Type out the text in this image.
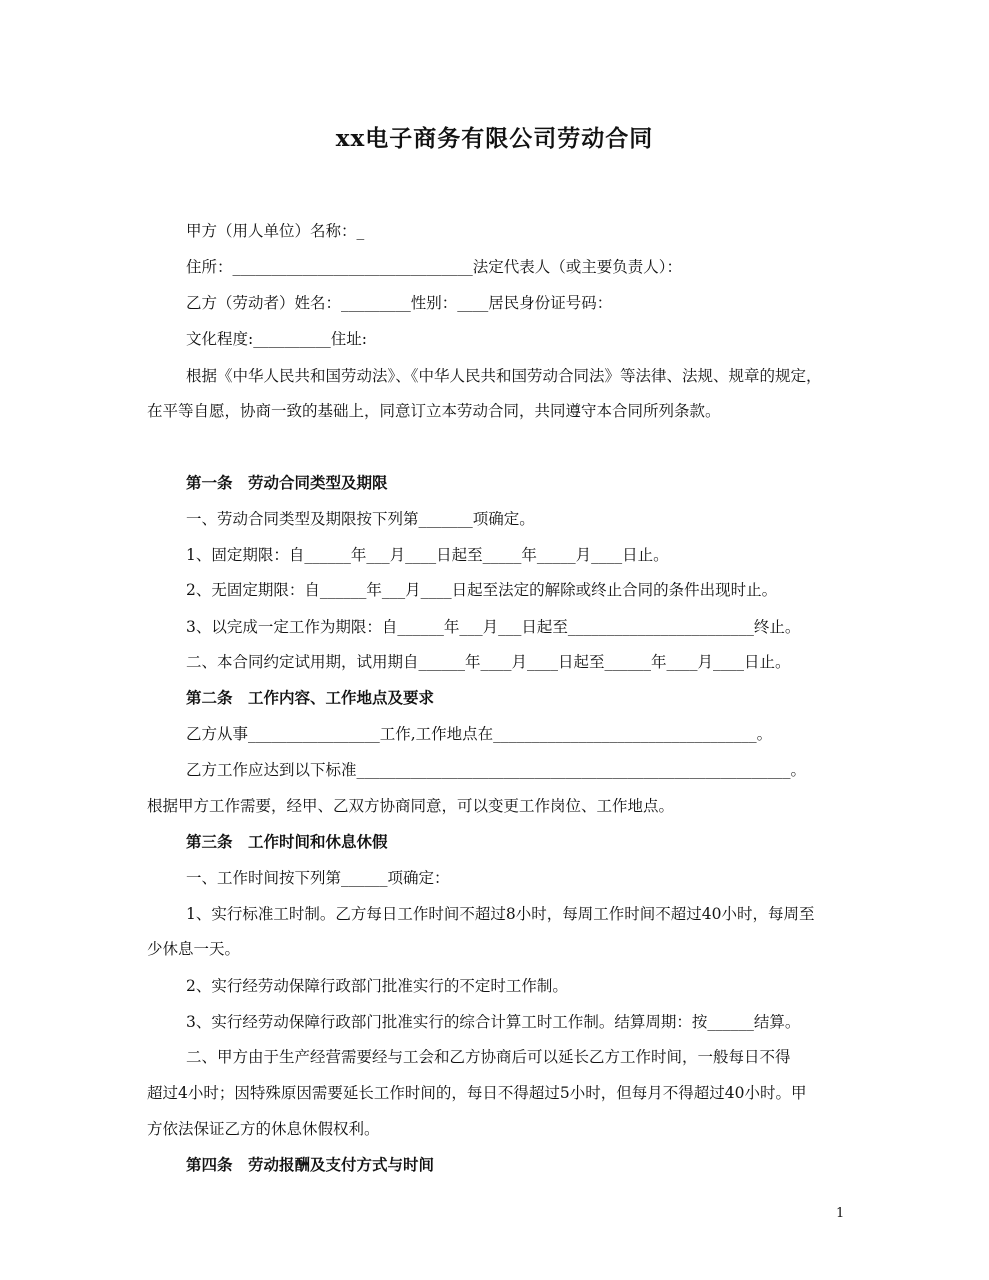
xx电子商务有限公司劳动合同
甲方（用人单位）名称：_
住所：_______________________________法定代表人（或主要负责人）：
乙方（劳动者）姓名：_________性别：____居民身份证号码：
文化程度:__________住址:
根据《中华人民共和国劳动法》、《中华人民共和国劳动合同法》等法律、法规、规章的规定，
在平等自愿，协商一致的基础上，同意订立本劳动合同，共同遵守本合同所列条款。
第一条　劳动合同类型及期限
一、劳动合同类型及期限按下列第_______项确定。
1、固定期限：自______年___月____日起至_____年_____月____日止。
2、无固定期限：自______年___月____日起至法定的解除或终止合同的条件出现时止。
3、以完成一定工作为期限：自______年___月___日起至________________________终止。
二、本合同约定试用期，试用期自______年____月____日起至______年____月____日止。
第二条　工作内容、工作地点及要求
乙方从事_________________工作,工作地点在__________________________________。
乙方工作应达到以下标准________________________________________________________。
根据甲方工作需要，经甲、乙双方协商同意，可以变更工作岗位、工作地点。
第三条　工作时间和休息休假
一、工作时间按下列第______项确定：
1、实行标准工时制。乙方每日工作时间不超过8小时，每周工作时间不超过40小时，每周至
少休息一天。
2、实行经劳动保障行政部门批准实行的不定时工作制。
3、实行经劳动保障行政部门批准实行的综合计算工时工作制。结算周期：按______结算。
二、甲方由于生产经营需要经与工会和乙方协商后可以延长乙方工作时间，一般每日不得
超过4小时；因特殊原因需要延长工作时间的，每日不得超过5小时，但每月不得超过40小时。甲
方依法保证乙方的休息休假权利。
第四条　劳动报酬及支付方式与时间
1
